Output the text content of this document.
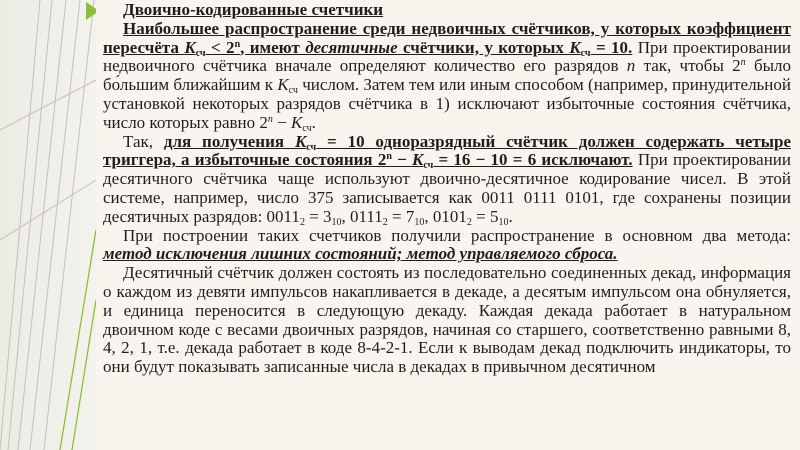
Двоично-кодированные счетчики

Наибольшее распространение среди недвоичных счётчиков, у которых коэффициент пересчёта $K_{сч} < 2^n$, имеют десятичные счётчики, у которых $K_{сч} = 10$. При проектировании недвоичного счётчика вначале определяют количество его разрядов n так, чтобы 2$^n$ было бо́льшим ближайшим к $K_{сч}$ числом. Затем тем или иным способом (например, принудительной установкой некоторых разрядов счётчика в 1) исключают избыточные состояния счётчика, число которых равно $2^n - K_{сч}$.

Так, для получения $K_{сч} = 10$ одноразрядный счётчик должен содержать четыре триггера, а избыточные состояния $2^n - K_{сч} = 16 - 10 = 6$ исключают. При проектировании десятичного счётчика чаще используют двоично-десятичное кодирование чисел. В этой системе, например, число 375 записывается как 0011 0111 0101, где сохранены позиции десятичных разрядов: $0011_2 = 3_{10}$, $0111_2 = 7_{10}$, $0101_2 = 5_{10}$.

При построении таких счетчиков получили распространение в основном два метода: метод исключения лишних состояний; метод управляемого сброса.

Десятичный счётчик должен состоять из последовательно соединенных декад, информация о каждом из девяти импульсов накапливается в декаде, а десятым импульсом она обнуляется, и единица переносится в следующую декаду. Каждая декада работает в натуральном двоичном коде с весами двоичных разрядов, начиная со старшего, соответственно равными 8, 4, 2, 1, т.е. декада работает в коде 8-4-2-1. Если к выводам декад подключить индикаторы, то они будут показывать записанные числа в декадах в привычном десятичном
